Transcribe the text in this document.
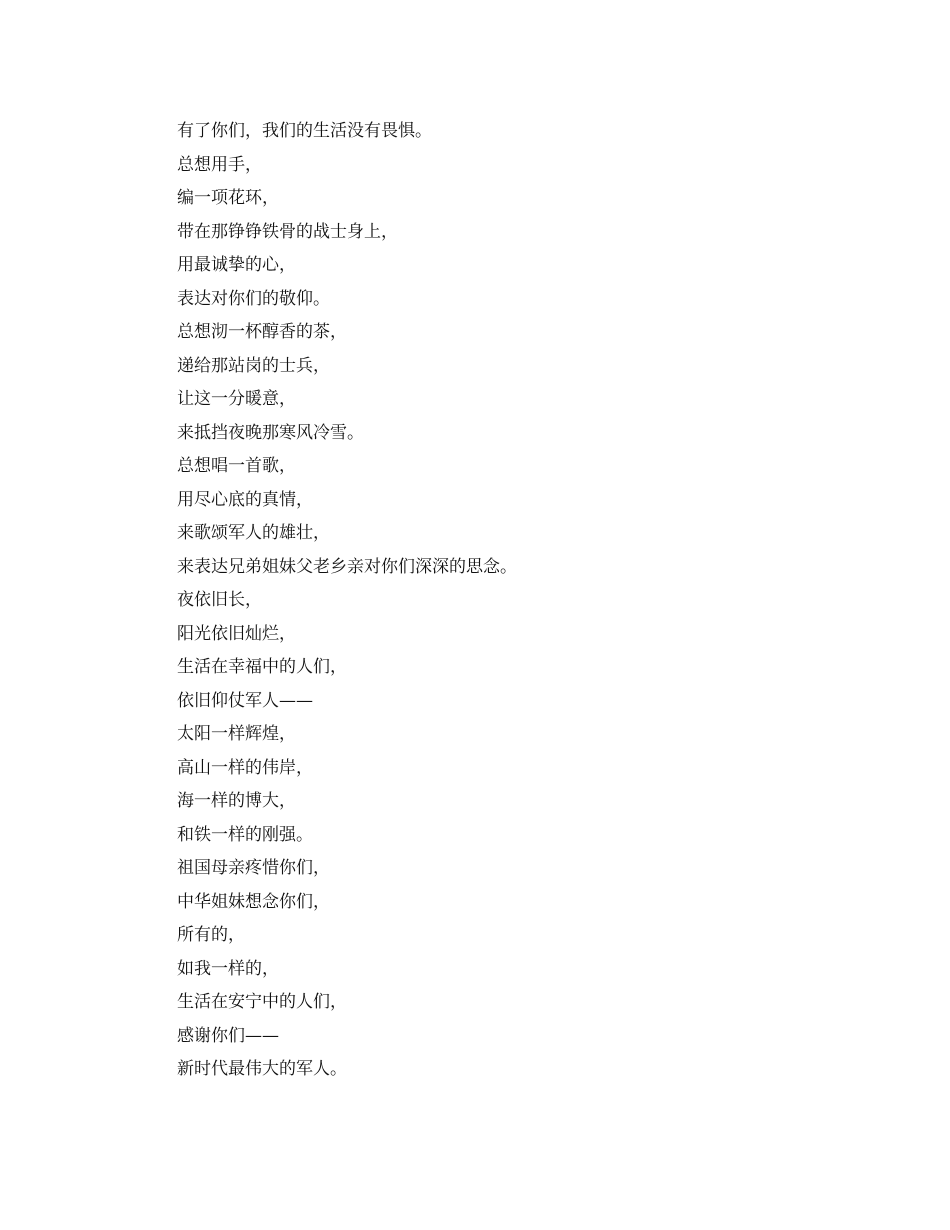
有了你们，我们的生活没有畏惧。
总想用手，
编一项花环，
带在那铮铮铁骨的战士身上，
用最诚挚的心，
表达对你们的敬仰。
总想沏一杯醇香的茶，
递给那站岗的士兵，
让这一分暖意，
来抵挡夜晚那寒风冷雪。
总想唱一首歌，
用尽心底的真情，
来歌颂军人的雄壮，
来表达兄弟姐妹父老乡亲对你们深深的思念。
夜依旧长，
阳光依旧灿烂，
生活在幸福中的人们，
依旧仰仗军人——
太阳一样辉煌，
高山一样的伟岸，
海一样的博大，
和铁一样的刚强。
祖国母亲疼惜你们，
中华姐妹想念你们，
所有的，
如我一样的，
生活在安宁中的人们，
感谢你们——
新时代最伟大的军人。
